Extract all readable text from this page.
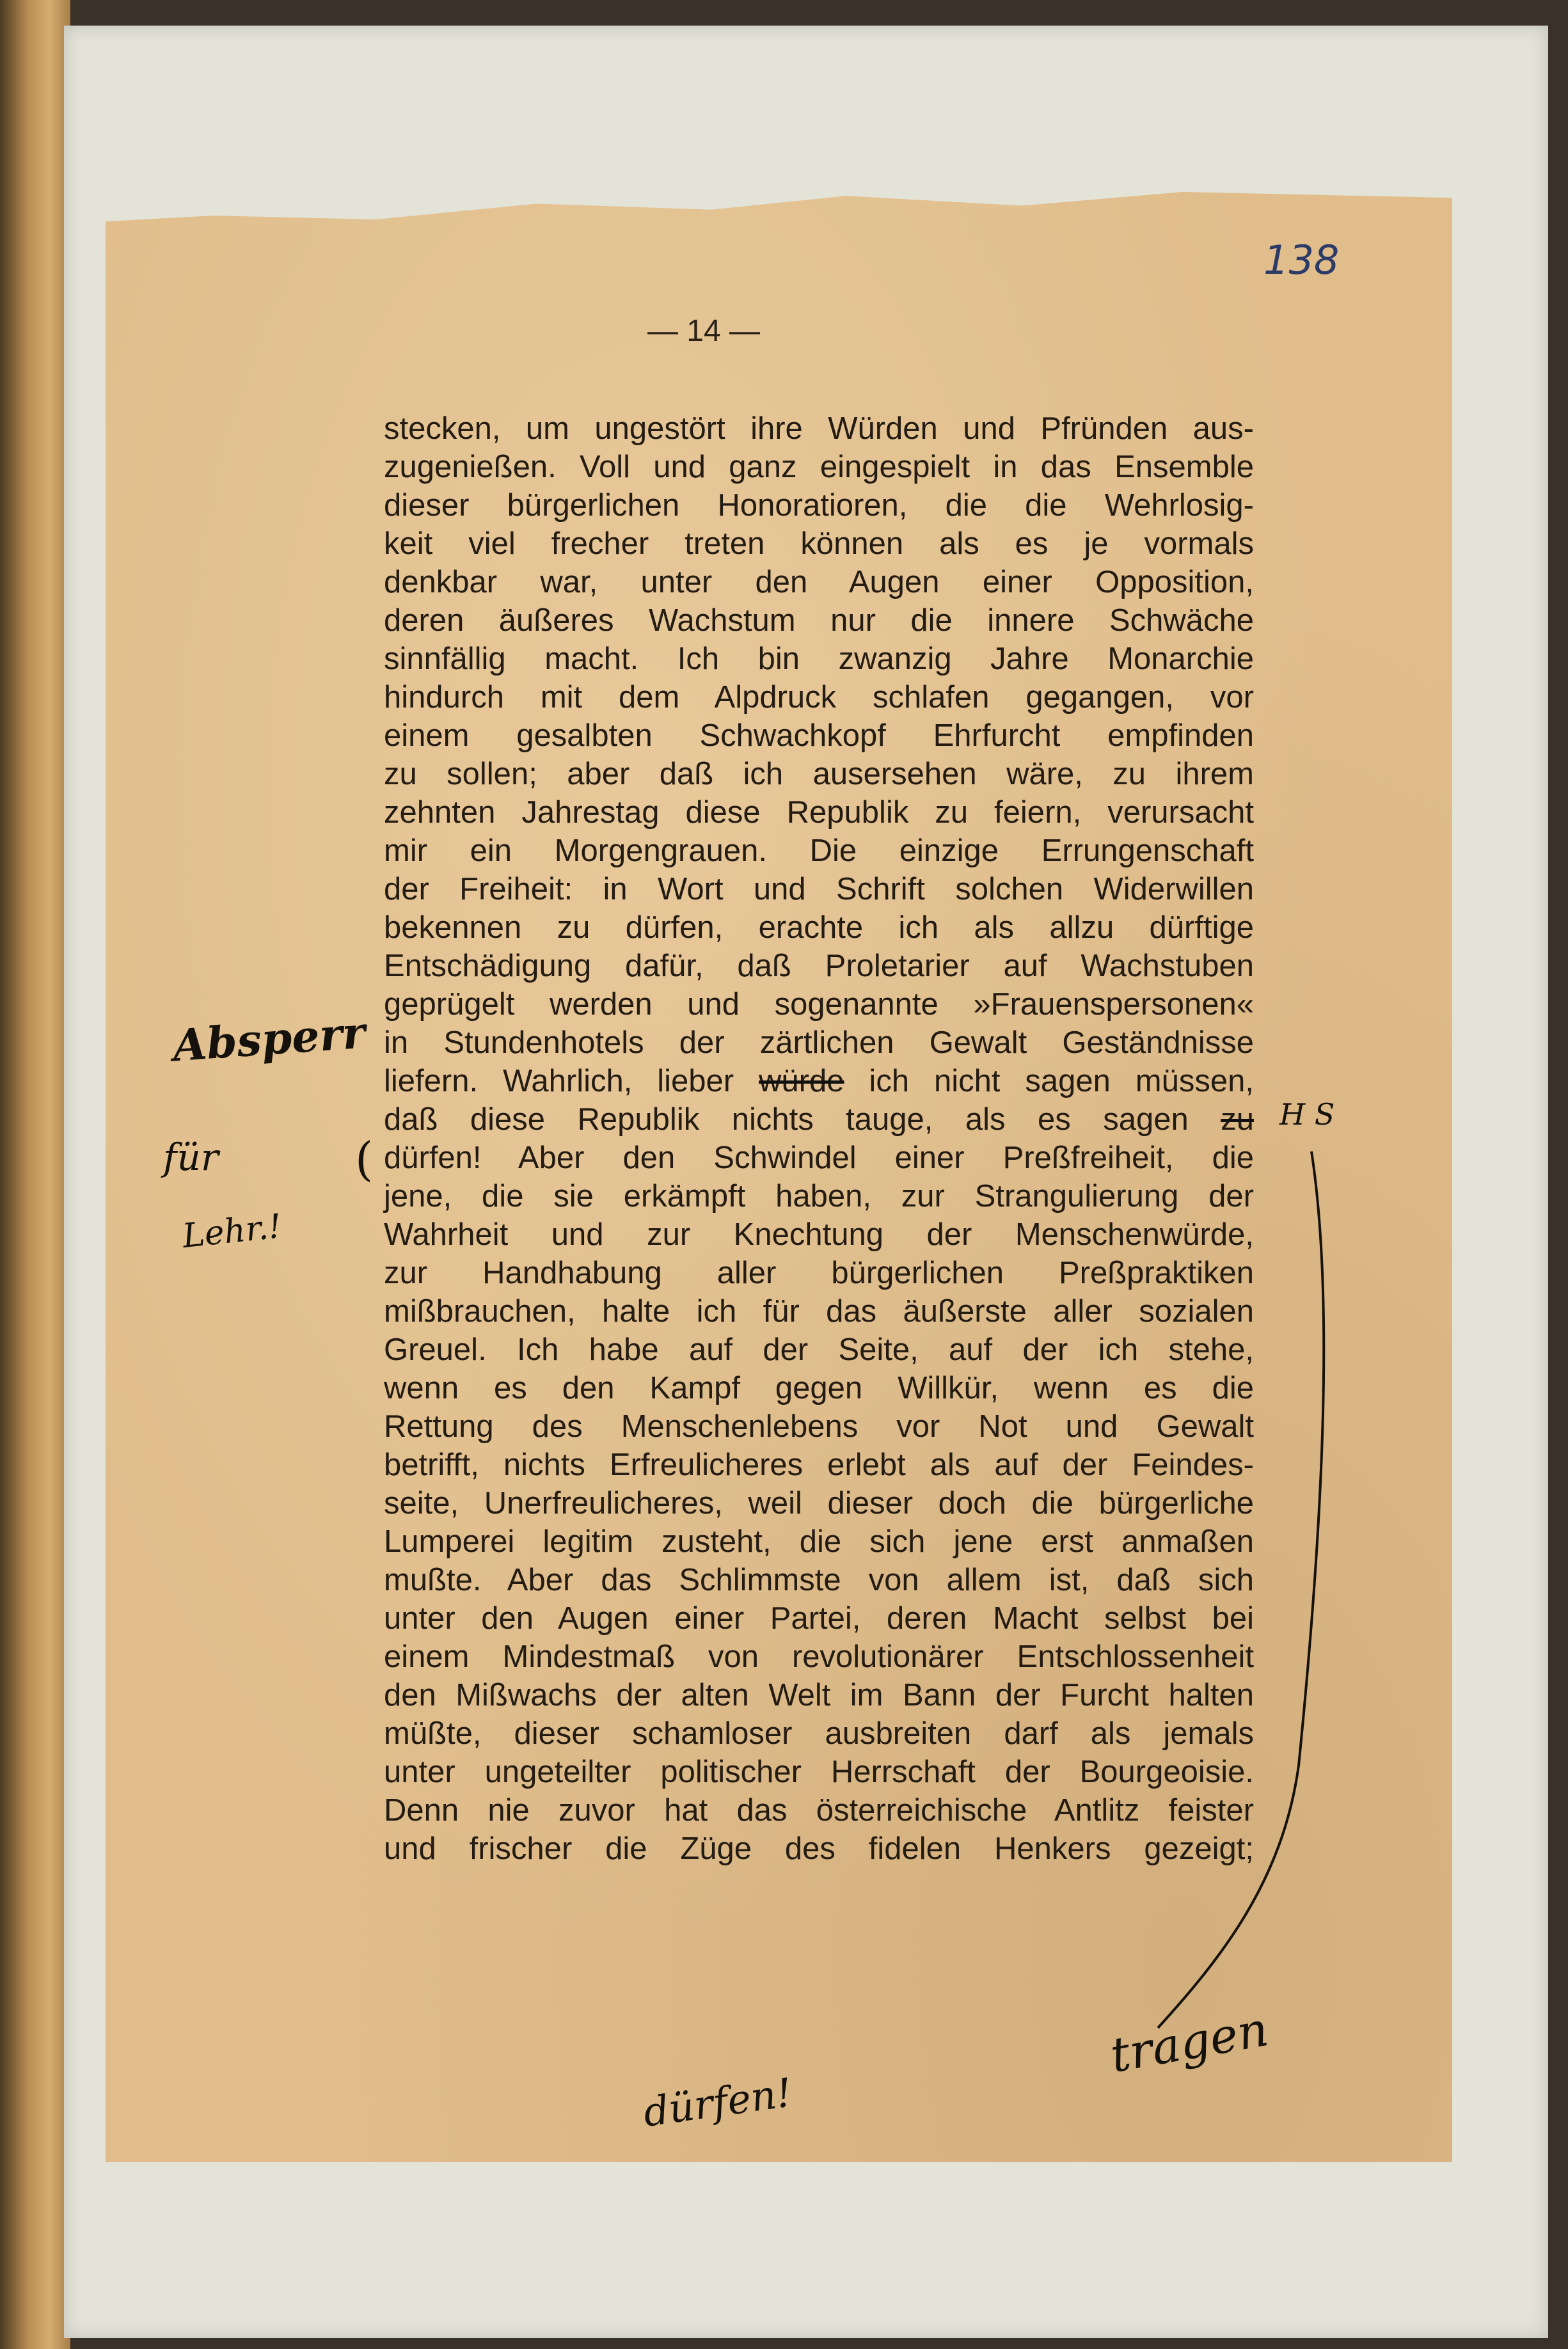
138
— 14 —
stecken, um ungestört ihre Würden und Pfründen aus-
zugenießen. Voll und ganz eingespielt in das Ensemble
dieser bürgerlichen Honoratioren, die die Wehrlosig-
keit viel frecher treten können als es je vormals
denkbar war, unter den Augen einer Opposition,
deren äußeres Wachstum nur die innere Schwäche
sinnfällig macht. Ich bin zwanzig Jahre Monarchie
hindurch mit dem Alpdruck schlafen gegangen, vor
einem gesalbten Schwachkopf Ehrfurcht empfinden
zu sollen; aber daß ich ausersehen wäre, zu ihrem
zehnten Jahrestag diese Republik zu feiern, verursacht
mir ein Morgengrauen. Die einzige Errungenschaft
der Freiheit: in Wort und Schrift solchen Widerwillen
bekennen zu dürfen, erachte ich als allzu dürftige
Entschädigung dafür, daß Proletarier auf Wachstuben
geprügelt werden und sogenannte »Frauenspersonen«
in Stundenhotels der zärtlichen Gewalt Geständnisse
liefern. Wahrlich, lieber würde ich nicht sagen müssen,
daß diese Republik nichts tauge, als es sagen zu
dürfen! Aber den Schwindel einer Preßfreiheit, die
jene, die sie erkämpft haben, zur Strangulierung der
Wahrheit und zur Knechtung der Menschenwürde,
zur Handhabung aller bürgerlichen Preßpraktiken
mißbrauchen, halte ich für das äußerste aller sozialen
Greuel. Ich habe auf der Seite, auf der ich stehe,
wenn es den Kampf gegen Willkür, wenn es die
Rettung des Menschenlebens vor Not und Gewalt
betrifft, nichts Erfreulicheres erlebt als auf der Feindes-
seite, Unerfreulicheres, weil dieser doch die bürgerliche
Lumperei legitim zusteht, die sich jene erst anmaßen
mußte. Aber das Schlimmste von allem ist, daß sich
unter den Augen einer Partei, deren Macht selbst bei
einem Mindestmaß von revolutionärer Entschlossenheit
den Mißwachs der alten Welt im Bann der Furcht halten
müßte, dieser schamloser ausbreiten darf als jemals
unter ungeteilter politischer Herrschaft der Bourgeoisie.
Denn nie zuvor hat das österreichische Antlitz feister
und frischer die Züge des fidelen Henkers gezeigt;
Absperr
für
Lehr.!
H S
(
tragen
dürfen!
